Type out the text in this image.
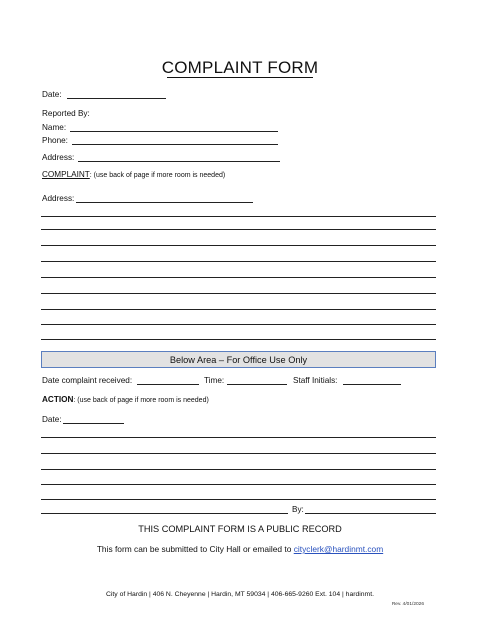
COMPLAINT FORM
Date:
Reported By:
Name:
Phone:
Address:
COMPLAINT: (use back of page if more room is needed)
Address:
Below Area – For Office Use Only
Date complaint received:	Time:	Staff Initials:
ACTION: (use back of page if more room is needed)
Date:
By:
THIS COMPLAINT FORM IS A PUBLIC RECORD
This form can be submitted to City Hall or emailed to cityclerk@hardinmt.com
City of Hardin | 406 N. Cheyenne | Hardin, MT 59034 | 406-665-9260 Ext. 104 | hardinmt.
Rev. 4/01/2026
